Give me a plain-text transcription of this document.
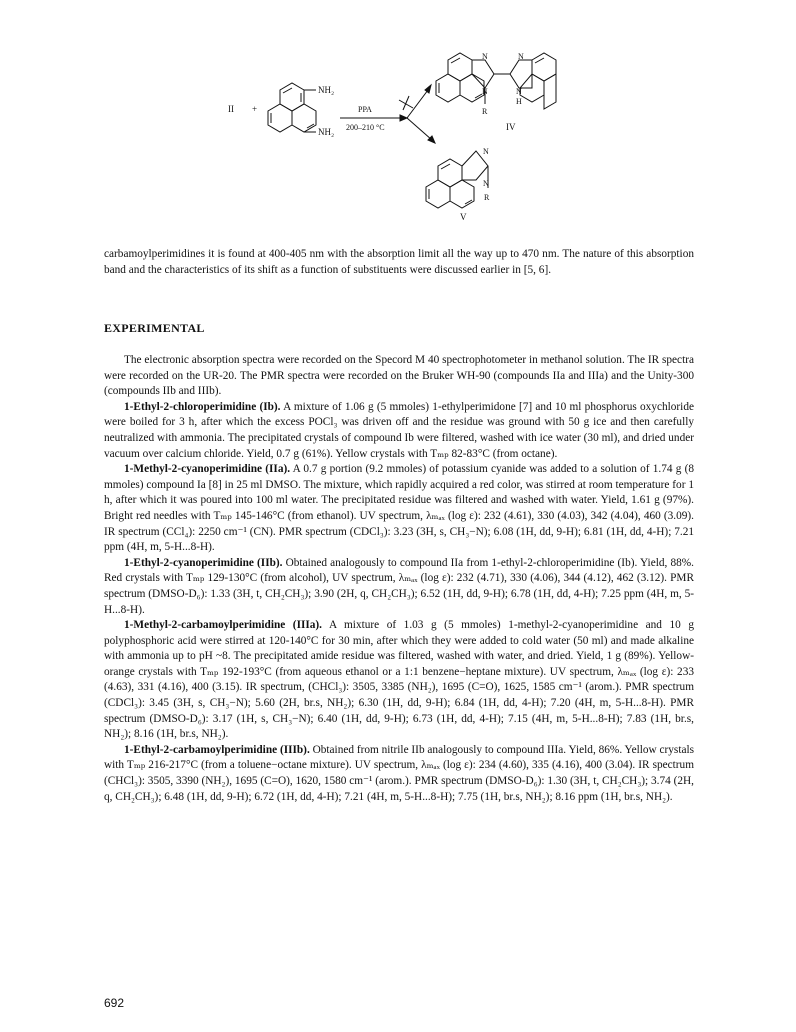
II +
NH₂
NH₂
PPA
200–210 °C
N
N
N
N
R
H
IV
N
N
R
V

carbamoylperimidines it is found at 400-405 nm with the absorption limit all the way up to 470 nm. The nature of this absorption band and the characteristics of its shift as a function of substituents were discussed earlier in [5, 6].

EXPERIMENTAL

The electronic absorption spectra were recorded on the Specord M 40 spectrophotometer in methanol solution. The IR spectra were recorded on the UR-20. The PMR spectra were recorded on the Bruker WH-90 (compounds IIa and IIIa) and the Unity-300 (compounds IIb and IIIb).

1-Ethyl-2-chloroperimidine (Ib). A mixture of 1.06 g (5 mmoles) 1-ethylperimidone [7] and 10 ml phosphorus oxychloride were boiled for 3 h, after which the excess POCl₃ was driven off and the residue was ground with 50 g ice and then carefully neutralized with ammonia. The precipitated crystals of compound Ib were filtered, washed with ice water (30 ml), and dried under vacuum over calcium chloride. Yield, 0.7 g (61%). Yellow crystals with Tₘₚ 82-83°C (from octane).

1-Methyl-2-cyanoperimidine (IIa). A 0.7 g portion (9.2 mmoles) of potassium cyanide was added to a solution of 1.74 g (8 mmoles) compound Ia [8] in 25 ml DMSO. The mixture, which rapidly acquired a red color, was stirred at room temperature for 1 h, after which it was poured into 100 ml water. The precipitated residue was filtered and washed with water. Yield, 1.61 g (97%). Bright red needles with Tₘₚ 145-146°C (from ethanol). UV spectrum, λₘₐₓ (log ε): 232 (4.61), 330 (4.03), 342 (4.04), 460 (3.09). IR spectrum (CCl₄): 2250 cm⁻¹ (CN). PMR spectrum (CDCl₃): 3.23 (3H, s, CH₃−N); 6.08 (1H, dd, 9-H); 6.81 (1H, dd, 4-H); 7.21 ppm (4H, m, 5-H...8-H).

1-Ethyl-2-cyanoperimidine (IIb). Obtained analogously to compound IIa from 1-ethyl-2-chloroperimidine (Ib). Yield, 88%. Red crystals with Tₘₚ 129-130°C (from alcohol), UV spectrum, λₘₐₓ (log ε): 232 (4.71), 330 (4.06), 344 (4.12), 462 (3.12). PMR spectrum (DMSO-D₆): 1.33 (3H, t, CH₂CH₃); 3.90 (2H, q, CH₂CH₃); 6.52 (1H, dd, 9-H); 6.78 (1H, dd, 4-H); 7.25 ppm (4H, m, 5-H...8-H).

1-Methyl-2-carbamoylperimidine (IIIa). A mixture of 1.03 g (5 mmoles) 1-methyl-2-cyanoperimidine and 10 g polyphosphoric acid were stirred at 120-140°C for 30 min, after which they were added to cold water (50 ml) and made alkaline with ammonia up to pH ~8. The precipitated amide residue was filtered, washed with water, and dried. Yield, 1 g (89%). Yellow-orange crystals with Tₘₚ 192-193°C (from aqueous ethanol or a 1:1 benzene−heptane mixture). UV spectrum, λₘₐₓ (log ε): 233 (4.63), 331 (4.16), 400 (3.15). IR spectrum, (CHCl₃): 3505, 3385 (NH₂), 1695 (C=O), 1625, 1585 cm⁻¹ (arom.). PMR spectrum (CDCl₃): 3.45 (3H, s, CH₃−N); 5.60 (2H, br.s, NH₂); 6.30 (1H, dd, 9-H); 6.84 (1H, dd, 4-H); 7.20 (4H, m, 5-H...8-H). PMR spectrum (DMSO-D₆): 3.17 (1H, s, CH₃−N); 6.40 (1H, dd, 9-H); 6.73 (1H, dd, 4-H); 7.15 (4H, m, 5-H...8-H); 7.83 (1H, br.s, NH₂); 8.16 (1H, br.s, NH₂).

1-Ethyl-2-carbamoylperimidine (IIIb). Obtained from nitrile IIb analogously to compound IIIa. Yield, 86%. Yellow crystals with Tₘₚ 216-217°C (from a toluene−octane mixture). UV spectrum, λₘₐₓ (log ε): 234 (4.60), 335 (4.16), 400 (3.04). IR spectrum (CHCl₃): 3505, 3390 (NH₂), 1695 (C=O), 1620, 1580 cm⁻¹ (arom.). PMR spectrum (DMSO-D₆): 1.30 (3H, t, CH₂CH₃); 3.74 (2H, q, CH₂CH₃); 6.48 (1H, dd, 9-H); 6.72 (1H, dd, 4-H); 7.21 (4H, m, 5-H...8-H); 7.75 (1H, br.s, NH₂); 8.16 ppm (1H, br.s, NH₂).

692
